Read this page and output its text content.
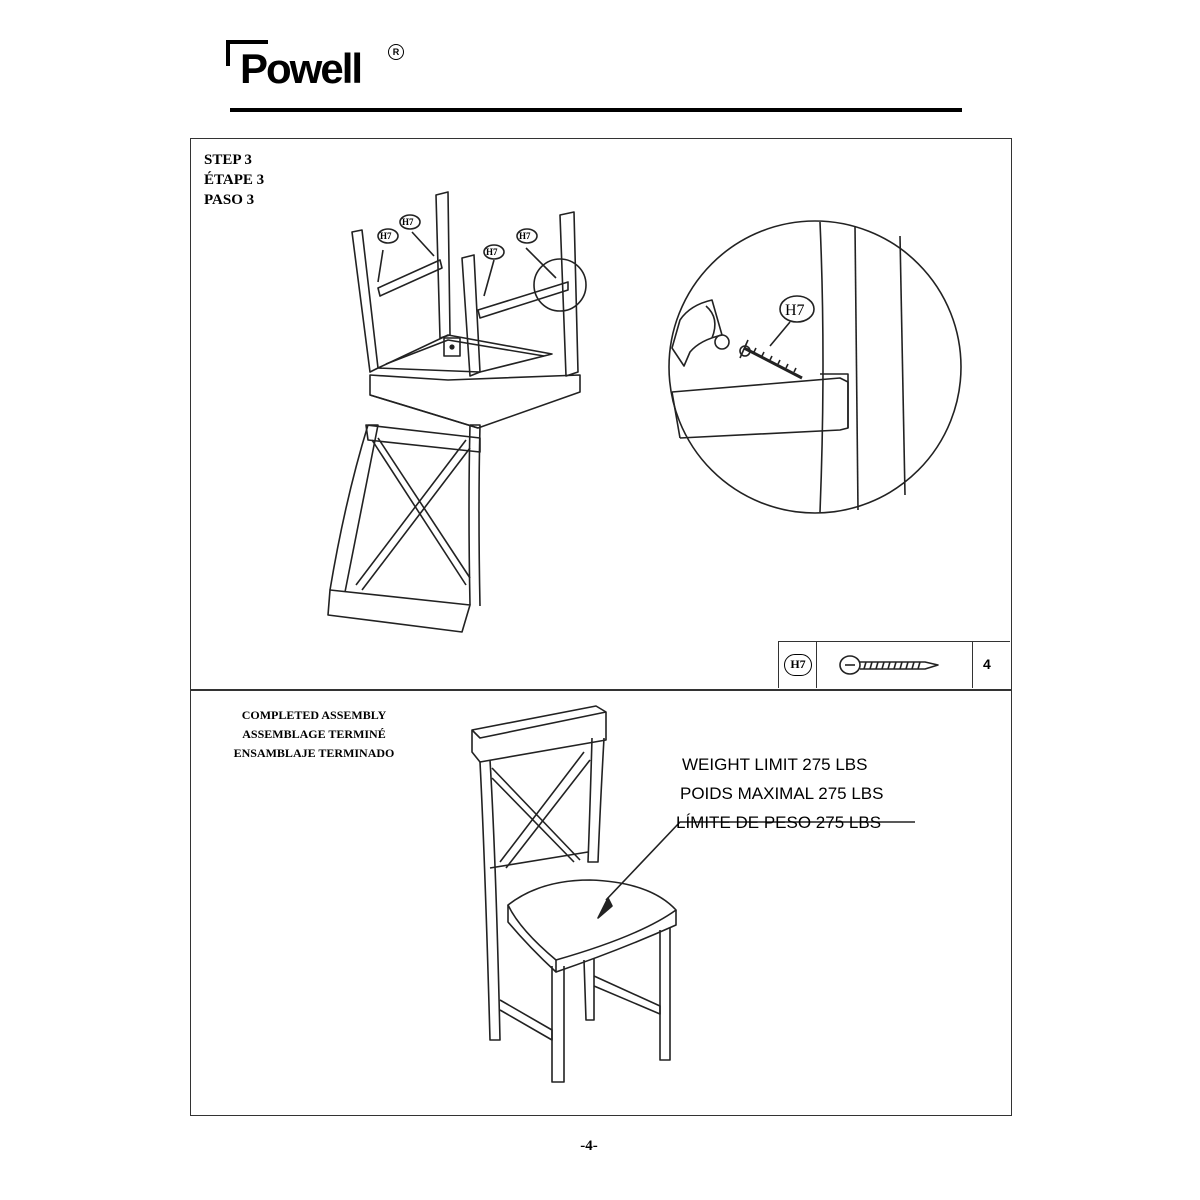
Powell	R
STEP 3
ÉTAPE 3
PASO 3
H7
H7
H7
H7
H7
H7	4
COMPLETED ASSEMBLY
ASSEMBLAGE TERMINÉ
ENSAMBLAJE TERMINADO
WEIGHT LIMIT 275 LBS
POIDS MAXIMAL 275 LBS
LÍMITE DE PESO 275 LBS
-4-
